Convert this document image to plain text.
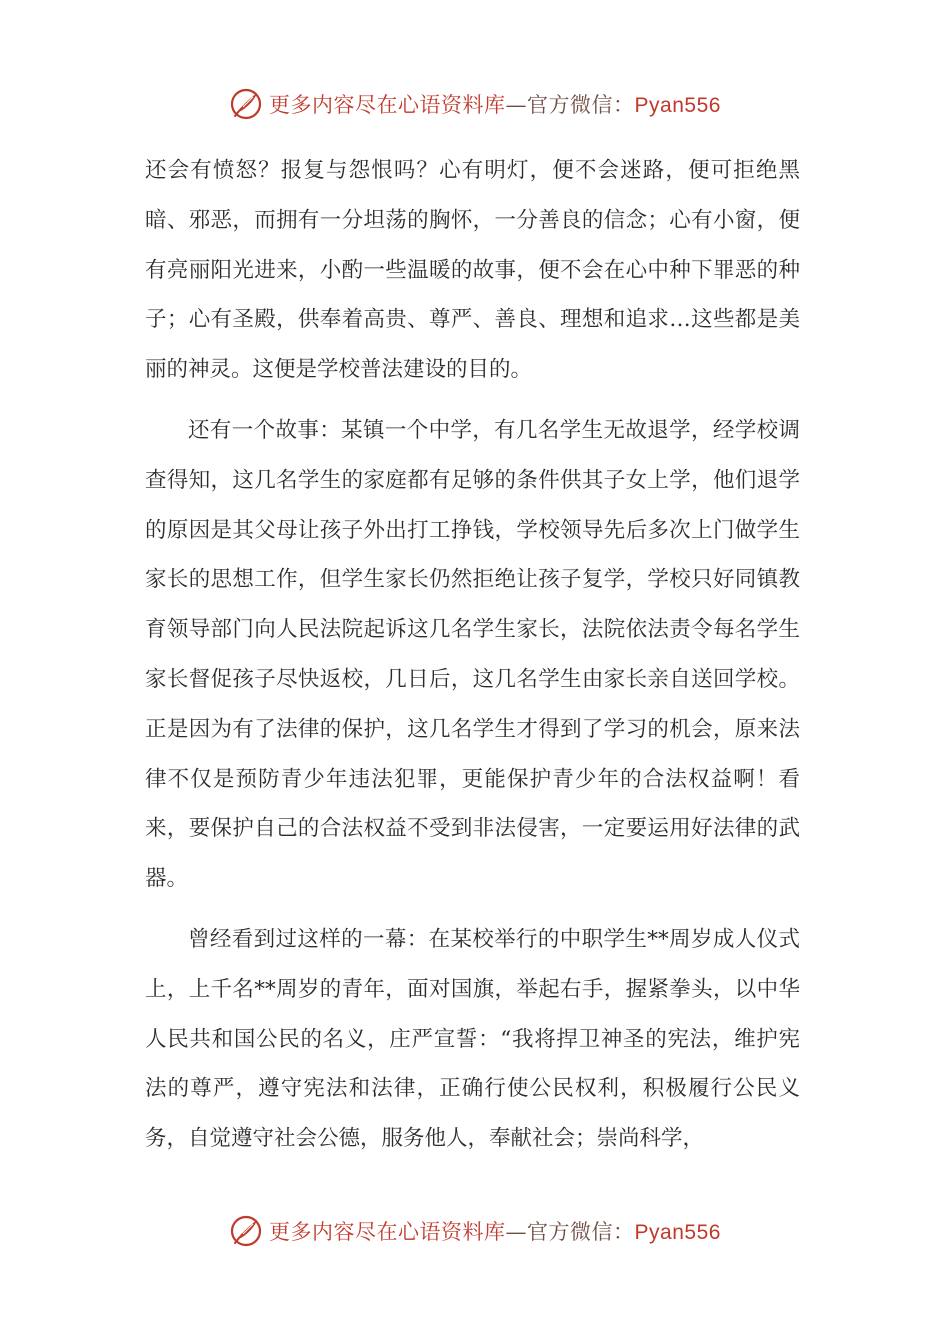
更多内容尽在心语资料库—官方微信：Pyan556

还会有愤怒？报复与怨恨吗？心有明灯，便不会迷路，便可拒绝黑暗、邪恶，而拥有一分坦荡的胸怀，一分善良的信念；心有小窗，便有亮丽阳光进来，小酌一些温暖的故事，便不会在心中种下罪恶的种子；心有圣殿，供奉着高贵、尊严、善良、理想和追求…这些都是美丽的神灵。这便是学校普法建设的目的。

还有一个故事：某镇一个中学，有几名学生无故退学，经学校调查得知，这几名学生的家庭都有足够的条件供其子女上学，他们退学的原因是其父母让孩子外出打工挣钱，学校领导先后多次上门做学生家长的思想工作，但学生家长仍然拒绝让孩子复学，学校只好同镇教育领导部门向人民法院起诉这几名学生家长，法院依法责令每名学生家长督促孩子尽快返校，几日后，这几名学生由家长亲自送回学校。正是因为有了法律的保护，这几名学生才得到了学习的机会，原来法律不仅是预防青少年违法犯罪，更能保护青少年的合法权益啊！看来，要保护自己的合法权益不受到非法侵害，一定要运用好法律的武器。

曾经看到过这样的一幕：在某校举行的中职学生**周岁成人仪式上，上千名**周岁的青年，面对国旗，举起右手，握紧拳头，以中华人民共和国公民的名义，庄严宣誓：“我将捍卫神圣的宪法，维护宪法的尊严，遵守宪法和法律，正确行使公民权利，积极履行公民义务，自觉遵守社会公德，服务他人，奉献社会；崇尚科学，

更多内容尽在心语资料库—官方微信：Pyan556
